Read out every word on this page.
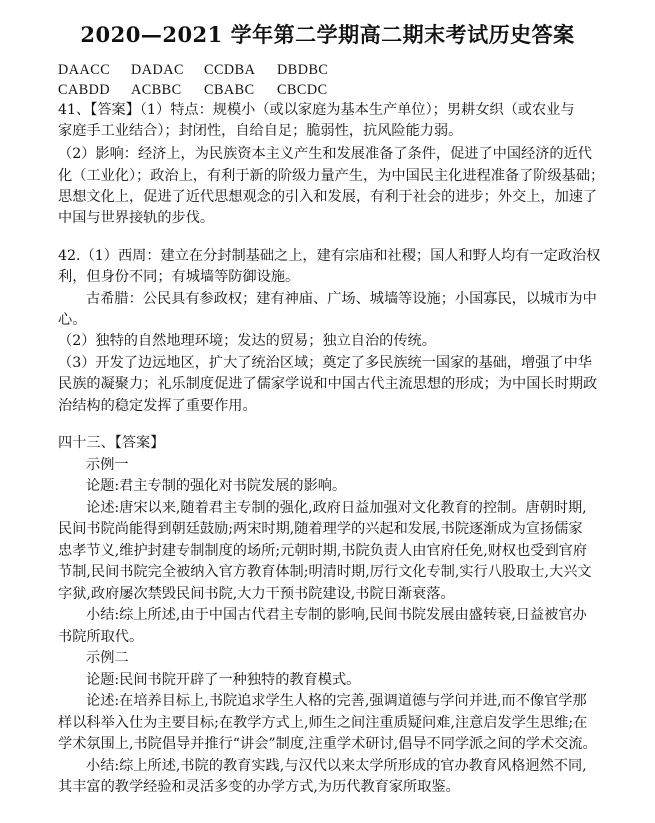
2020—2021 学年第二学期高二期末考试历史答案
DAACC DADAC CCDBA DBDBC
CABDD ACBBC CBABC CBCDC
41、【答案】（1）特点：规模小（或以家庭为基本生产单位）；男耕女织（或农业与
家庭手工业结合）；封闭性，自给自足；脆弱性，抗风险能力弱。
（2）影响：经济上，为民族资本主义产生和发展准备了条件，促进了中国经济的近代
化（工业化）；政治上，有利于新的阶级力量产生，为中国民主化进程准备了阶级基础；
思想文化上，促进了近代思想观念的引入和发展，有利于社会的进步；外交上，加速了
中国与世界接轨的步伐。
42.（1）西周：建立在分封制基础之上，建有宗庙和社稷；国人和野人均有一定政治权
利，但身份不同；有城墙等防御设施。
古希腊：公民具有参政权；建有神庙、广场、城墙等设施；小国寡民，以城市为中
心。
（2）独特的自然地理环境；发达的贸易；独立自治的传统。
（3）开发了边远地区，扩大了统治区域；奠定了多民族统一国家的基础，增强了中华
民族的凝聚力；礼乐制度促进了儒家学说和中国古代主流思想的形成；为中国长时期政
治结构的稳定发挥了重要作用。
四十三、【答案】
示例一
论题:君主专制的强化对书院发展的影响。
论述:唐宋以来,随着君主专制的强化,政府日益加强对文化教育的控制。唐朝时期,
民间书院尚能得到朝廷鼓励;两宋时期,随着理学的兴起和发展,书院逐渐成为宣扬儒家
忠孝节义,维护封建专制制度的场所;元朝时期,书院负责人由官府任免,财权也受到官府
节制,民间书院完全被纳入官方教育体制;明清时期,厉行文化专制,实行八股取士,大兴文
字狱,政府屡次禁毁民间书院,大力干预书院建设,书院日渐衰落。
小结:综上所述,由于中国古代君主专制的影响,民间书院发展由盛转衰,日益被官办
书院所取代。
示例二
论题:民间书院开辟了一种独特的教育模式。
论述:在培养目标上,书院追求学生人格的完善,强调道德与学问并进,而不像官学那
样以科举入仕为主要目标;在教学方式上,师生之间注重质疑问难,注意启发学生思维;在
学术氛围上,书院倡导并推行“讲会”制度,注重学术研讨,倡导不同学派之间的学术交流。
小结:综上所述,书院的教育实践,与汉代以来太学所形成的官办教育风格迥然不同,
其丰富的教学经验和灵活多变的办学方式,为历代教育家所取鉴。
